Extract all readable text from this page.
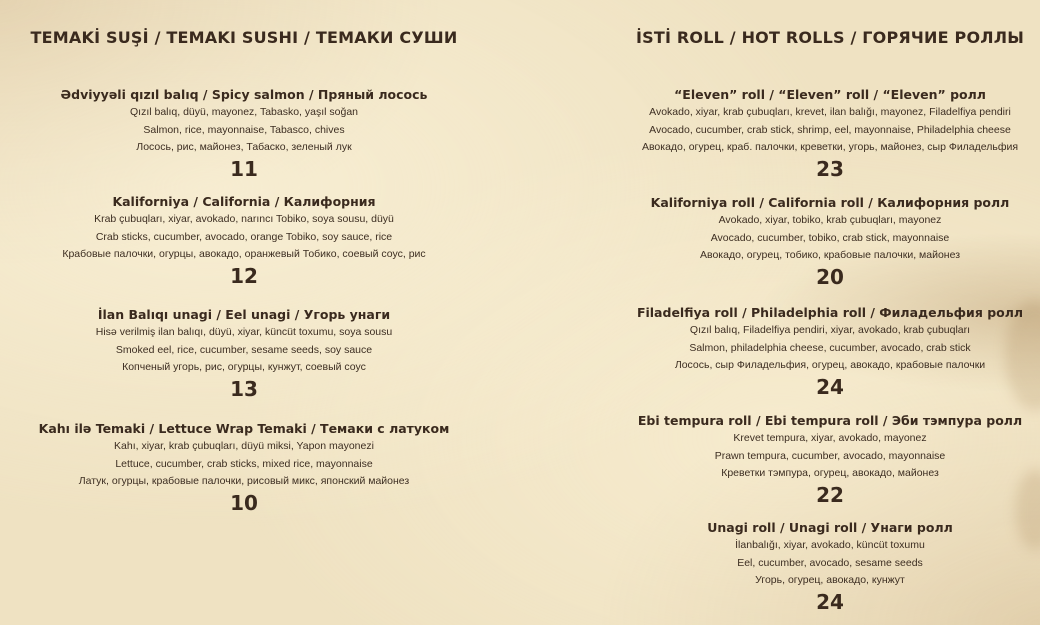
TEMAKİ SUŞİ / TEMAKI SUSHI / ТЕМАКИ СУШИ
Ədviyyəli qızıl balıq / Spicy salmon / Пряный лосось
Qızıl balıq, düyü, mayonez, Tabasko, yaşıl soğan
Salmon, rice, mayonnaise, Tabasco, chives
Лосось, рис, майонез, Табаско, зеленый лук
11
Kaliforniya / California / Калифорния
Krab çubuqları, xiyar, avokado, narıncı Tobiko, soya sousu, düyü
Crab sticks, cucumber, avocado, orange Tobiko, soy sauce, rice
Крабовые палочки, огурцы, авокадо, оранжевый Тобико, соевый соус, рис
12
İlan Balıqı unagi / Eel unagi / Угорь унаги
Hisə verilmiş ilan balıqı, düyü, xiyar, küncüt toxumu, soya sousu
Smoked eel, rice, cucumber, sesame seeds, soy sauce
Копченый угорь, рис, огурцы, кунжут, соевый соус
13
Kahı ilə Temaki / Lettuce Wrap Temaki / Темаки с латуком
Kahı, xiyar, krab çubuqları, düyü miksi, Yapon mayonezi
Lettuce, cucumber, crab sticks, mixed rice, mayonnaise
Латук, огурцы, крабовые палочки, рисовый микс, японский майонез
10
İSTİ ROLL / HOT ROLLS / ГОРЯЧИЕ РОЛЛЫ
“Eleven” roll / “Eleven” roll / “Eleven” ролл
Avokado, xiyar, krab çubuqları, krevet, ilan balığı, mayonez, Filadelfiya pendiri
Avocado, cucumber, crab stick, shrimp, eel, mayonnaise, Philadelphia cheese
Авокадо, огурец, краб. палочки, креветки, угорь, майонез, сыр Филадельфия
23
Kaliforniya roll / California roll / Калифорния ролл
Avokado, xiyar, tobiko, krab çubuqları, mayonez
Avocado, cucumber, tobiko, crab stick, mayonnaise
Авокадо, огурец, тобико, крабовые палочки, майонез
20
Filadelfiya roll / Philadelphia roll / Филадельфия ролл
Qızıl balıq, Filadelfiya pendiri, xiyar, avokado, krab çubuqları
Salmon, philadelphia cheese, cucumber, avocado, crab stick
Лосось, сыр Филадельфия, огурец, авокадо, крабовые палочки
24
Ebi tempura roll / Ebi tempura roll / Эби тэмпура ролл
Krevet tempura, xiyar, avokado, mayonez
Prawn tempura, cucumber, avocado, mayonnaise
Креветки тэмпура, огурец, авокадо, майонез
22
Unagi roll / Unagi roll / Унаги ролл
İlanbalığı, xiyar, avokado, küncüt toxumu
Eel, cucumber, avocado, sesame seeds
Угорь, огурец, авокадо, кунжут
24
